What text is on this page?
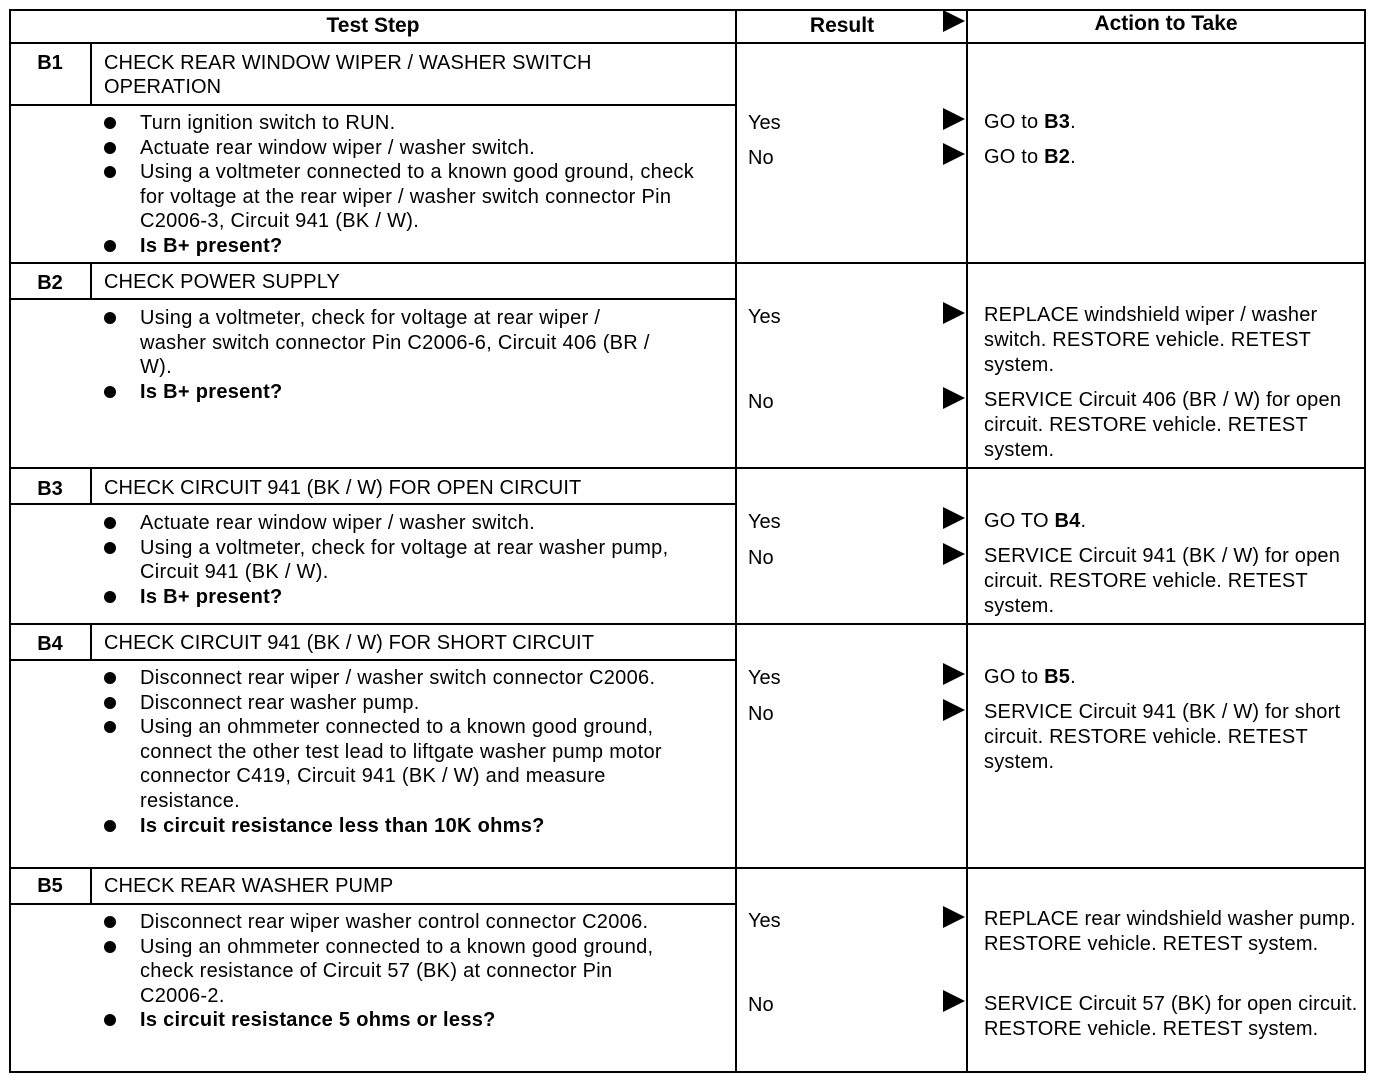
Test Step	Result	Action to Take
B1	CHECK REAR WINDOW WIPER / WASHER SWITCH OPERATION
Turn ignition switch to RUN.
Actuate rear window wiper / washer switch.
Using a voltmeter connected to a known good ground, check for voltage at the rear wiper / washer switch connector Pin C2006-3, Circuit 941 (BK / W).
Is B+ present?
Yes	GO to B3.
No	GO to B2.
B2	CHECK POWER SUPPLY
Using a voltmeter, check for voltage at rear wiper / washer switch connector Pin C2006-6, Circuit 406 (BR / W).
Is B+ present?
Yes	REPLACE windshield wiper / washer switch. RESTORE vehicle. RETEST system.
No	SERVICE Circuit 406 (BR / W) for open circuit. RESTORE vehicle. RETEST system.
B3	CHECK CIRCUIT 941 (BK / W) FOR OPEN CIRCUIT
Actuate rear window wiper / washer switch.
Using a voltmeter, check for voltage at rear washer pump, Circuit 941 (BK / W).
Is B+ present?
Yes	GO TO B4.
No	SERVICE Circuit 941 (BK / W) for open circuit. RESTORE vehicle. RETEST system.
B4	CHECK CIRCUIT 941 (BK / W) FOR SHORT CIRCUIT
Disconnect rear wiper / washer switch connector C2006.
Disconnect rear washer pump.
Using an ohmmeter connected to a known good ground, connect the other test lead to liftgate washer pump motor connector C419, Circuit 941 (BK / W) and measure resistance.
Is circuit resistance less than 10K ohms?
Yes	GO to B5.
No	SERVICE Circuit 941 (BK / W) for short circuit. RESTORE vehicle. RETEST system.
B5	CHECK REAR WASHER PUMP
Disconnect rear wiper washer control connector C2006.
Using an ohmmeter connected to a known good ground, check resistance of Circuit 57 (BK) at connector Pin C2006-2.
Is circuit resistance 5 ohms or less?
Yes	REPLACE rear windshield washer pump. RESTORE vehicle. RETEST system.
No	SERVICE Circuit 57 (BK) for open circuit. RESTORE vehicle. RETEST system.
